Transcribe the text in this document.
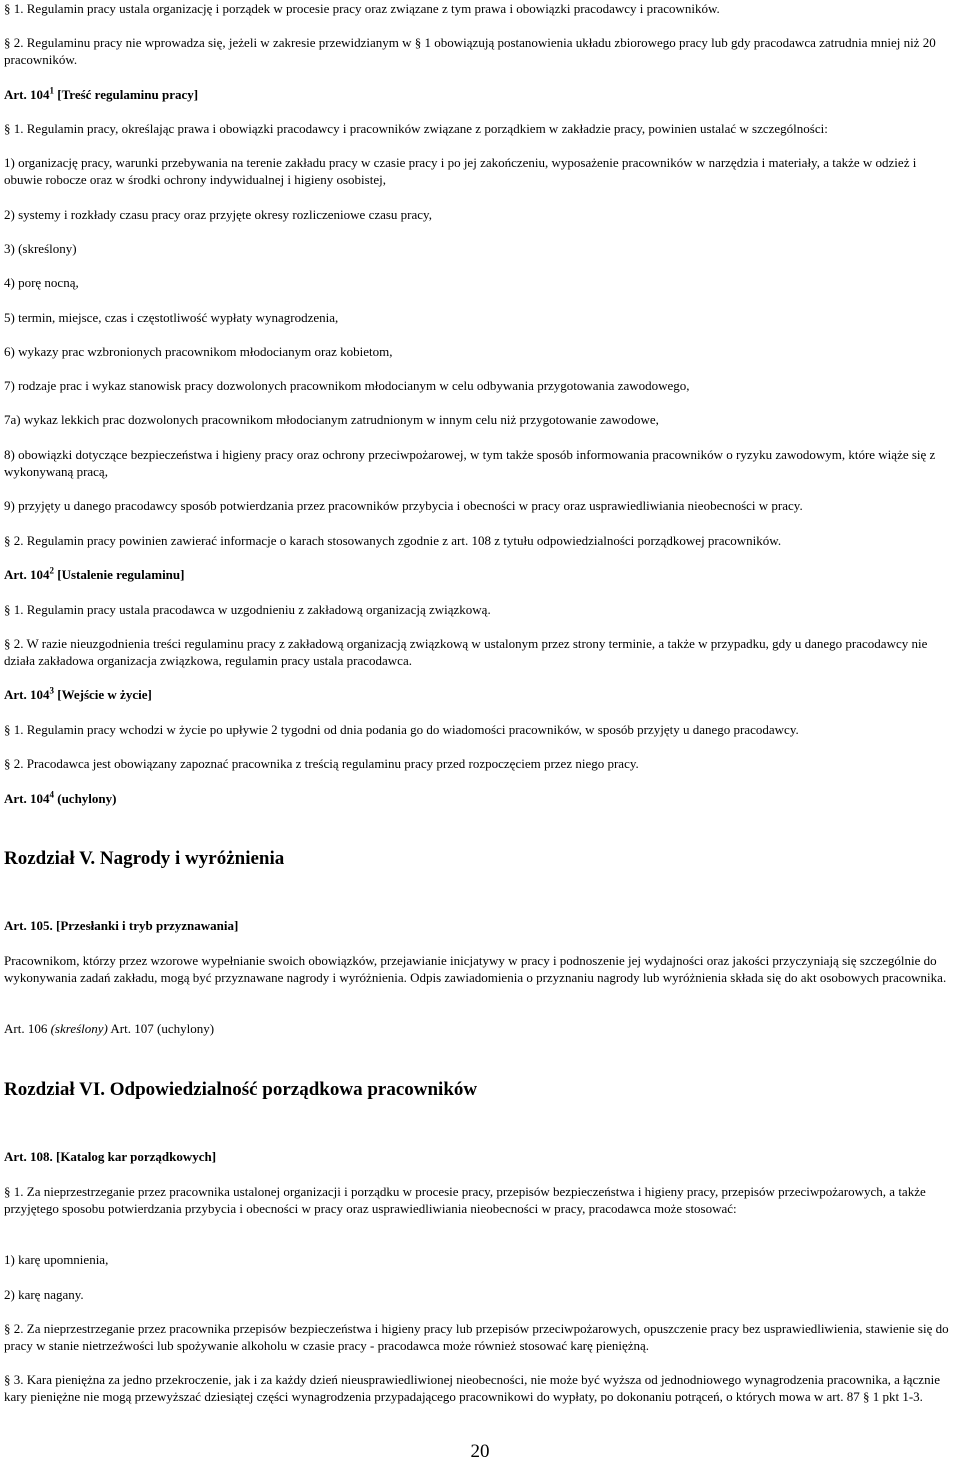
§ 1. Regulamin pracy ustala organizację i porządek w procesie pracy oraz związane z tym prawa i obowiązki pracodawcy i pracowników.

§ 2. Regulaminu pracy nie wprowadza się, jeżeli w zakresie przewidzianym w § 1 obowiązują postanowienia układu zbiorowego pracy lub gdy pracodawca zatrudnia mniej niż 20 pracowników.

Art. $104^1$ [Treść regulaminu pracy]

§ 1. Regulamin pracy, określając prawa i obowiązki pracodawcy i pracowników związane z porządkiem w zakładzie pracy, powinien ustalać w szczególności:

1) organizację pracy, warunki przebywania na terenie zakładu pracy w czasie pracy i po jej zakończeniu, wyposażenie pracowników w narzędzia i materiały, a także w odzież i obuwie robocze oraz w środki ochrony indywidualnej i higieny osobistej,

2) systemy i rozkłady czasu pracy oraz przyjęte okresy rozliczeniowe czasu pracy,

3) (skreślony)

4) porę nocną,

5) termin, miejsce, czas i częstotliwość wypłaty wynagrodzenia,

6) wykazy prac wzbronionych pracownikom młodocianym oraz kobietom,

7) rodzaje prac i wykaz stanowisk pracy dozwolonych pracownikom młodocianym w celu odbywania przygotowania zawodowego,

7a) wykaz lekkich prac dozwolonych pracownikom młodocianym zatrudnionym w innym celu niż przygotowanie zawodowe,

8) obowiązki dotyczące bezpieczeństwa i higieny pracy oraz ochrony przeciwpożarowej, w tym także sposób informowania pracowników o ryzyku zawodowym, które wiąże się z wykonywaną pracą,

9) przyjęty u danego pracodawcy sposób potwierdzania przez pracowników przybycia i obecności w pracy oraz usprawiedliwiania nieobecności w pracy.

§ 2. Regulamin pracy powinien zawierać informacje o karach stosowanych zgodnie z art. 108 z tytułu odpowiedzialności porządkowej pracowników.

Art. $104^2$ [Ustalenie regulaminu]

§ 1. Regulamin pracy ustala pracodawca w uzgodnieniu z zakładową organizacją związkową.

§ 2. W razie nieuzgodnienia treści regulaminu pracy z zakładową organizacją związkową w ustalonym przez strony terminie, a także w przypadku, gdy u danego pracodawcy nie działa zakładowa organizacja związkowa, regulamin pracy ustala pracodawca.

Art. $104^3$ [Wejście w życie]

§ 1. Regulamin pracy wchodzi w życie po upływie 2 tygodni od dnia podania go do wiadomości pracowników, w sposób przyjęty u danego pracodawcy.

§ 2. Pracodawca jest obowiązany zapoznać pracownika z treścią regulaminu pracy przed rozpoczęciem przez niego pracy.

Art. $104^4$ (uchylony)

Rozdział V. Nagrody i wyróżnienia

Art. 105. [Przesłanki i tryb przyznawania]

Pracownikom, którzy przez wzorowe wypełnianie swoich obowiązków, przejawianie inicjatywy w pracy i podnoszenie jej wydajności oraz jakości przyczyniają się szczególnie do wykonywania zadań zakładu, mogą być przyznawane nagrody i wyróżnienia. Odpis zawiadomienia o przyznaniu nagrody lub wyróżnienia składa się do akt osobowych pracownika.

Art. 106 (skreślony) Art. 107 (uchylony)

Rozdział VI. Odpowiedzialność porządkowa pracowników

Art. 108. [Katalog kar porządkowych]

§ 1. Za nieprzestrzeganie przez pracownika ustalonej organizacji i porządku w procesie pracy, przepisów bezpieczeństwa i higieny pracy, przepisów przeciwpożarowych, a także przyjętego sposobu potwierdzania przybycia i obecności w pracy oraz usprawiedliwiania nieobecności w pracy, pracodawca może stosować:

1) karę upomnienia,

2) karę nagany.

§ 2. Za nieprzestrzeganie przez pracownika przepisów bezpieczeństwa i higieny pracy lub przepisów przeciwpożarowych, opuszczenie pracy bez usprawiedliwienia, stawienie się do pracy w stanie nietrzeźwości lub spożywanie alkoholu w czasie pracy - pracodawca może również stosować karę pieniężną.

§ 3. Kara pieniężna za jedno przekroczenie, jak i za każdy dzień nieusprawiedliwionej nieobecności, nie może być wyższa od jednodniowego wynagrodzenia pracownika, a łącznie kary pieniężne nie mogą przewyższać dziesiątej części wynagrodzenia przypadającego pracownikowi do wypłaty, po dokonaniu potrąceń, o których mowa w art. 87 § 1 pkt 1-3.

20
